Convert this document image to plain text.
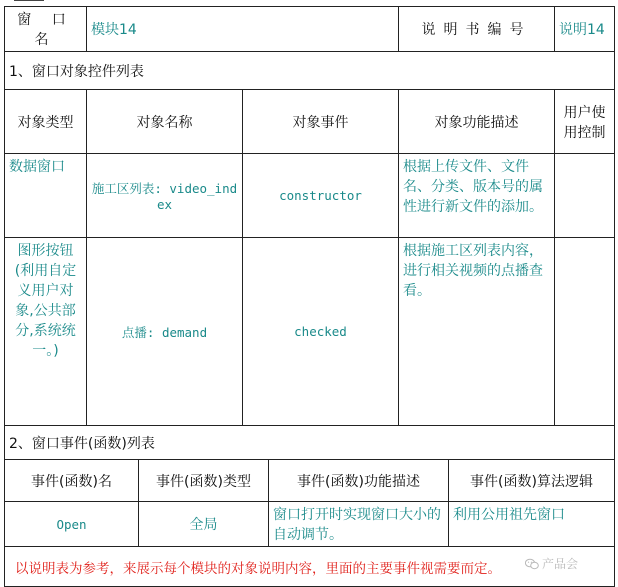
窗 口 名	模块14				说明书编号		说明14
1、窗口对象控件列表							
对象类型	对象名称		对象事件		对象功能描述		用户使用控制
数据窗口	施工区列表: video_index		constructor		根据上传文件、文件名、分类、版本号的属性进行新文件的添加。		
图形按钮(利用自定义用户对象,公共部分,系统统一。)	点播: demand		checked		根据施工区列表内容，进行相关视频的点播查看。		
2、窗口事件(函数)列表							
事件(函数)名		事件(函数)类型		事件(函数)功能描述		事件(函数)算法逻辑	
Open		全局		窗口打开时实现窗口大小的自动调节。		利用公用祖先窗口	
以说明表为参考，来展示每个模块的对象说明内容，里面的主要事件视需要而定。								产品会
